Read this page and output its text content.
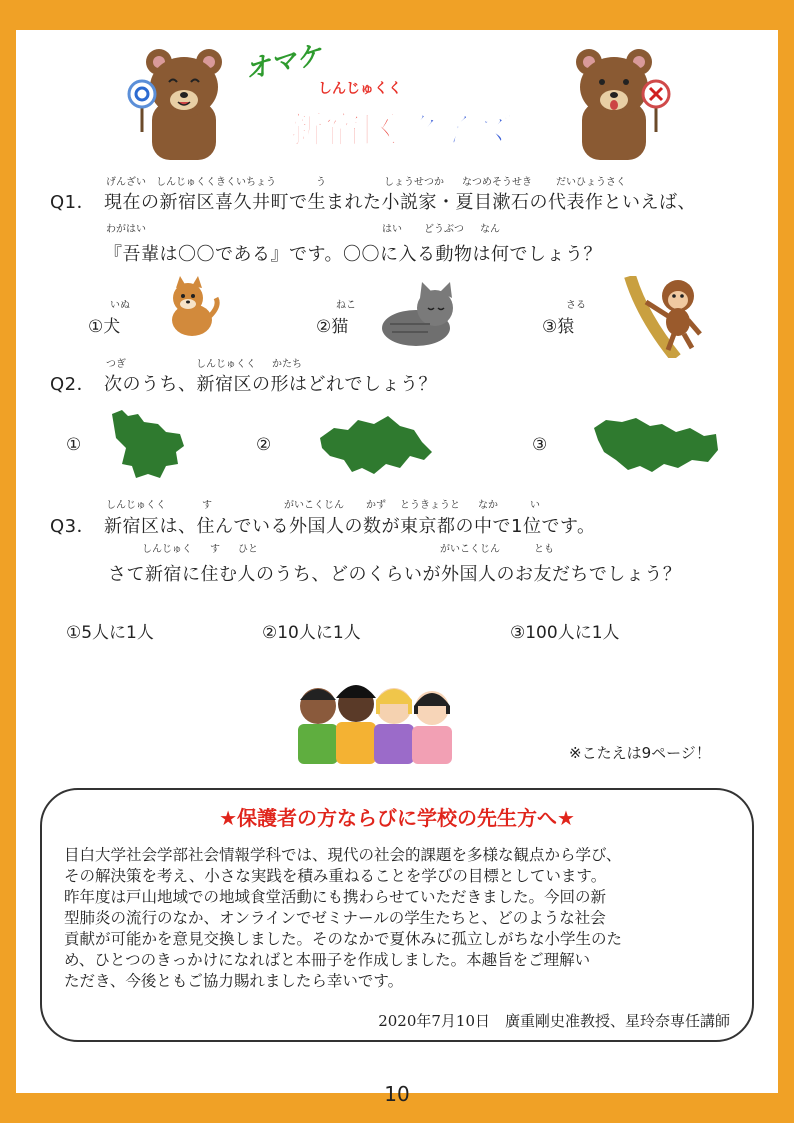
オマケ
しんじゅくく
新宿区クイズ
げんざい しんじゅくくきくいちょう	う	しょうせつか なつめそうせき だいひょうさく
Q1． 現在の新宿区喜久井町で生まれた小説家・夏目漱石の代表作といえば、
わがはい	はい どうぶつ なん
『吾輩は〇〇である』です。〇〇に入る動物は何でしょう？
いぬ
①犬
ねこ
②猫
さる
③猿
つぎ	しんじゅくく かたち
Q2． 次のうち、新宿区の形はどれでしょう？
①	②	③
しんじゅくく	す	がいこくじん かず とうきょうと なか	い
Q3． 新宿区は、住んでいる外国人の数が東京都の中で1位です。
しんじゅく す ひと	がいこくじん	とも
さて新宿に住む人のうち、どのくらいが外国人のお友だちでしょう？
①5人に1人	②10人に1人	③100人に1人
※こたえは9ページ！
★保護者の方ならびに学校の先生方へ★
目白大学社会学部社会情報学科では、現代の社会的課題を多様な観点から学び、
その解決策を考え、小さな実践を積み重ねることを学びの目標としています。
昨年度は戸山地域での地域食堂活動にも携わらせていただきました。今回の新
型肺炎の流行のなか、オンラインでゼミナールの学生たちと、どのような社会
貢献が可能かを意見交換しました。そのなかで夏休みに孤立しがちな小学生のた
め、ひとつのきっかけになればと本冊子を作成しました。本趣旨をご理解い
ただき、今後ともご協力賜れましたら幸いです。
2020年7月10日　廣重剛史准教授、星玲奈専任講師
10
